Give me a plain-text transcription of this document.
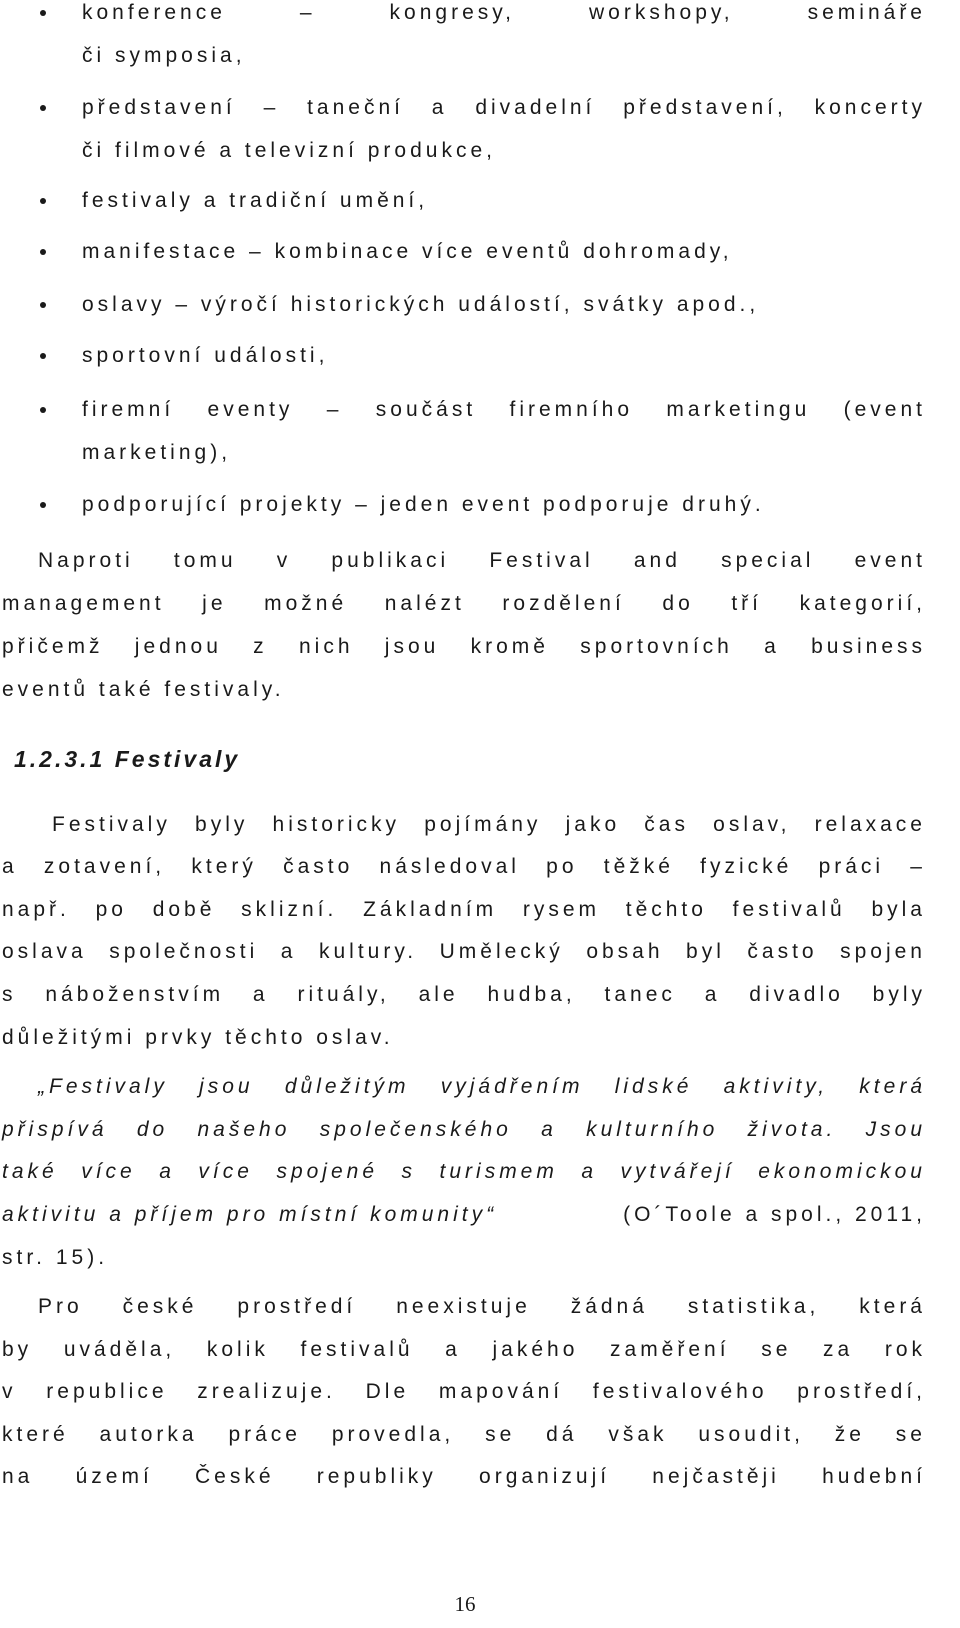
konference – kongresy, workshopy, semináře
či symposia,
představení – taneční a divadelní představení, koncerty
či filmové a televizní produkce,
festivaly a tradiční umění,
manifestace – kombinace více eventů dohromady,
oslavy – výročí historických událostí, svátky apod.,
sportovní události,
firemní eventy – součást firemního marketingu (event
marketing),
podporující projekty – jeden event podporuje druhý.
Naproti tomu v publikaci Festival and special event
management je možné nalézt rozdělení do tří kategorií,
přičemž jednou z nich jsou kromě sportovních a business
eventů také festivaly.
1.2.3.1 Festivaly
Festivaly byly historicky pojímány jako čas oslav, relaxace
a zotavení, který často následoval po těžké fyzické práci –
např. po době sklizní. Základním rysem těchto festivalů byla
oslava společnosti a kultury. Umělecký obsah byl často spojen
s náboženstvím a rituály, ale hudba, tanec a divadlo byly
důležitými prvky těchto oslav.
„Festivaly jsou důležitým vyjádřením lidské aktivity, která
přispívá do našeho společenského a kulturního života. Jsou
také více a více spojené s turismem a vytvářejí ekonomickou
aktivitu a příjem pro místní komunity“	(O´Toole a spol., 2011,
str. 15).
Pro české prostředí neexistuje žádná statistika, která
by uváděla, kolik festivalů a jakého zaměření se za rok
v republice zrealizuje. Dle mapování festivalového prostředí,
které autorka práce provedla, se dá však usoudit, že se
na území České republiky organizují nejčastěji hudební
16
